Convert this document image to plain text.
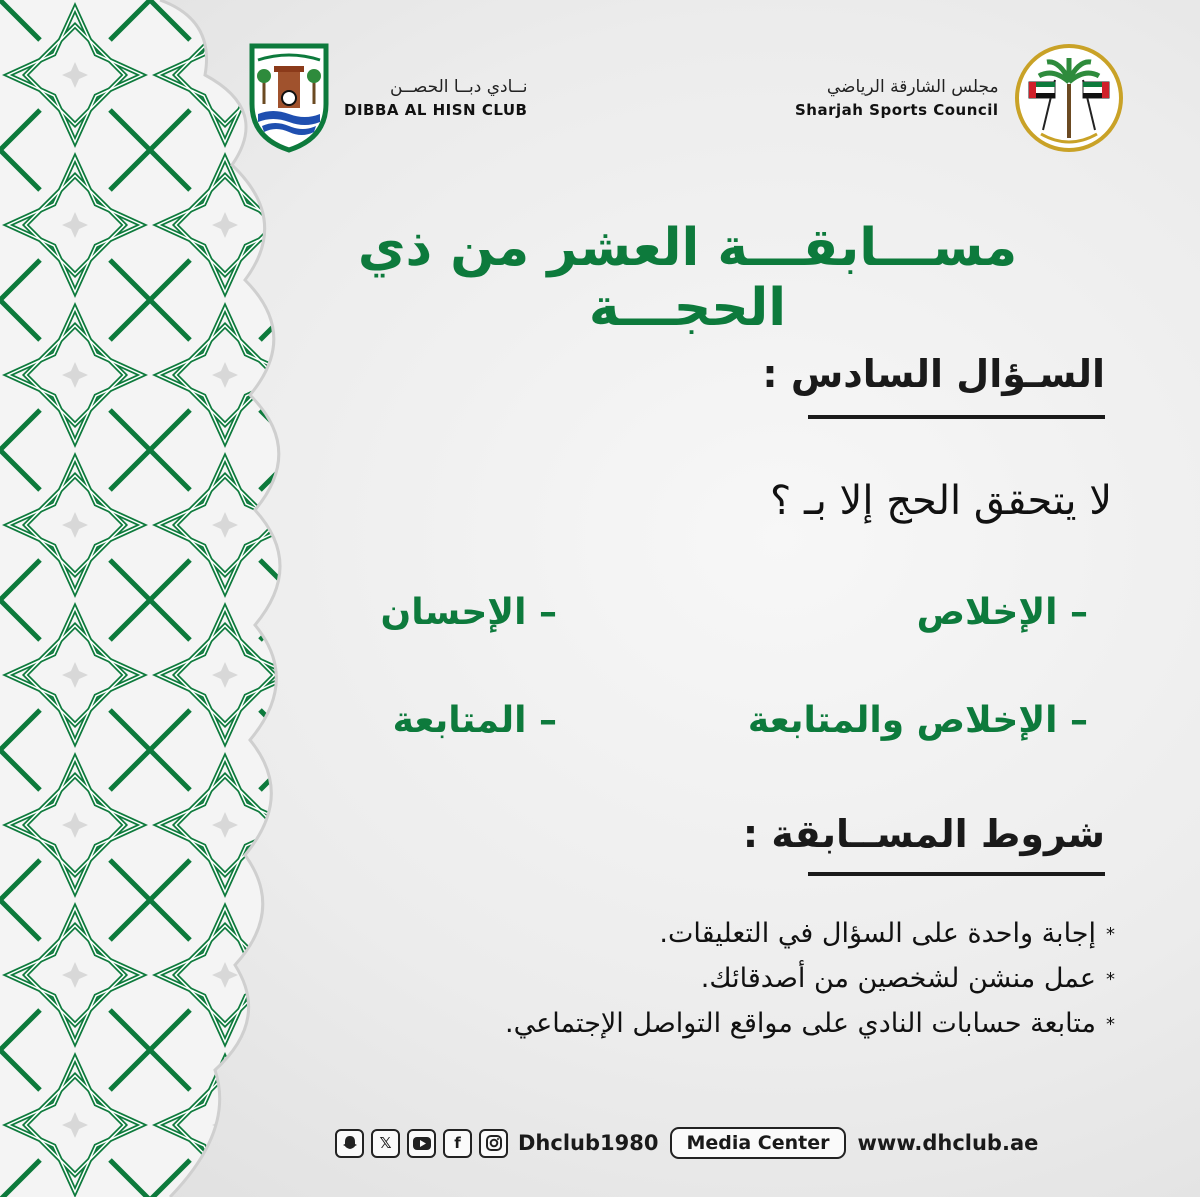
نــادي دبــا الحصــن
DIBBA AL HISN CLUB
مجلس الشارقة الرياضي
Sharjah Sports Council
مســـابقـــة العشر من ذي الحجـــة
السـؤال السادس :
لا يتحقق الحج إلا بـ ؟
– الإخلاص
– الإحسان
– الإخلاص والمتابعة
– المتابعة
شروط المســابقة :
* إجابة واحدة على السؤال في التعليقات.
* عمل منشن لشخصين من أصدقائك.
* متابعة حسابات النادي على مواقع التواصل الإجتماعي.
𝕏	f	Dhclub1980	Media Center	www.dhclub.ae
